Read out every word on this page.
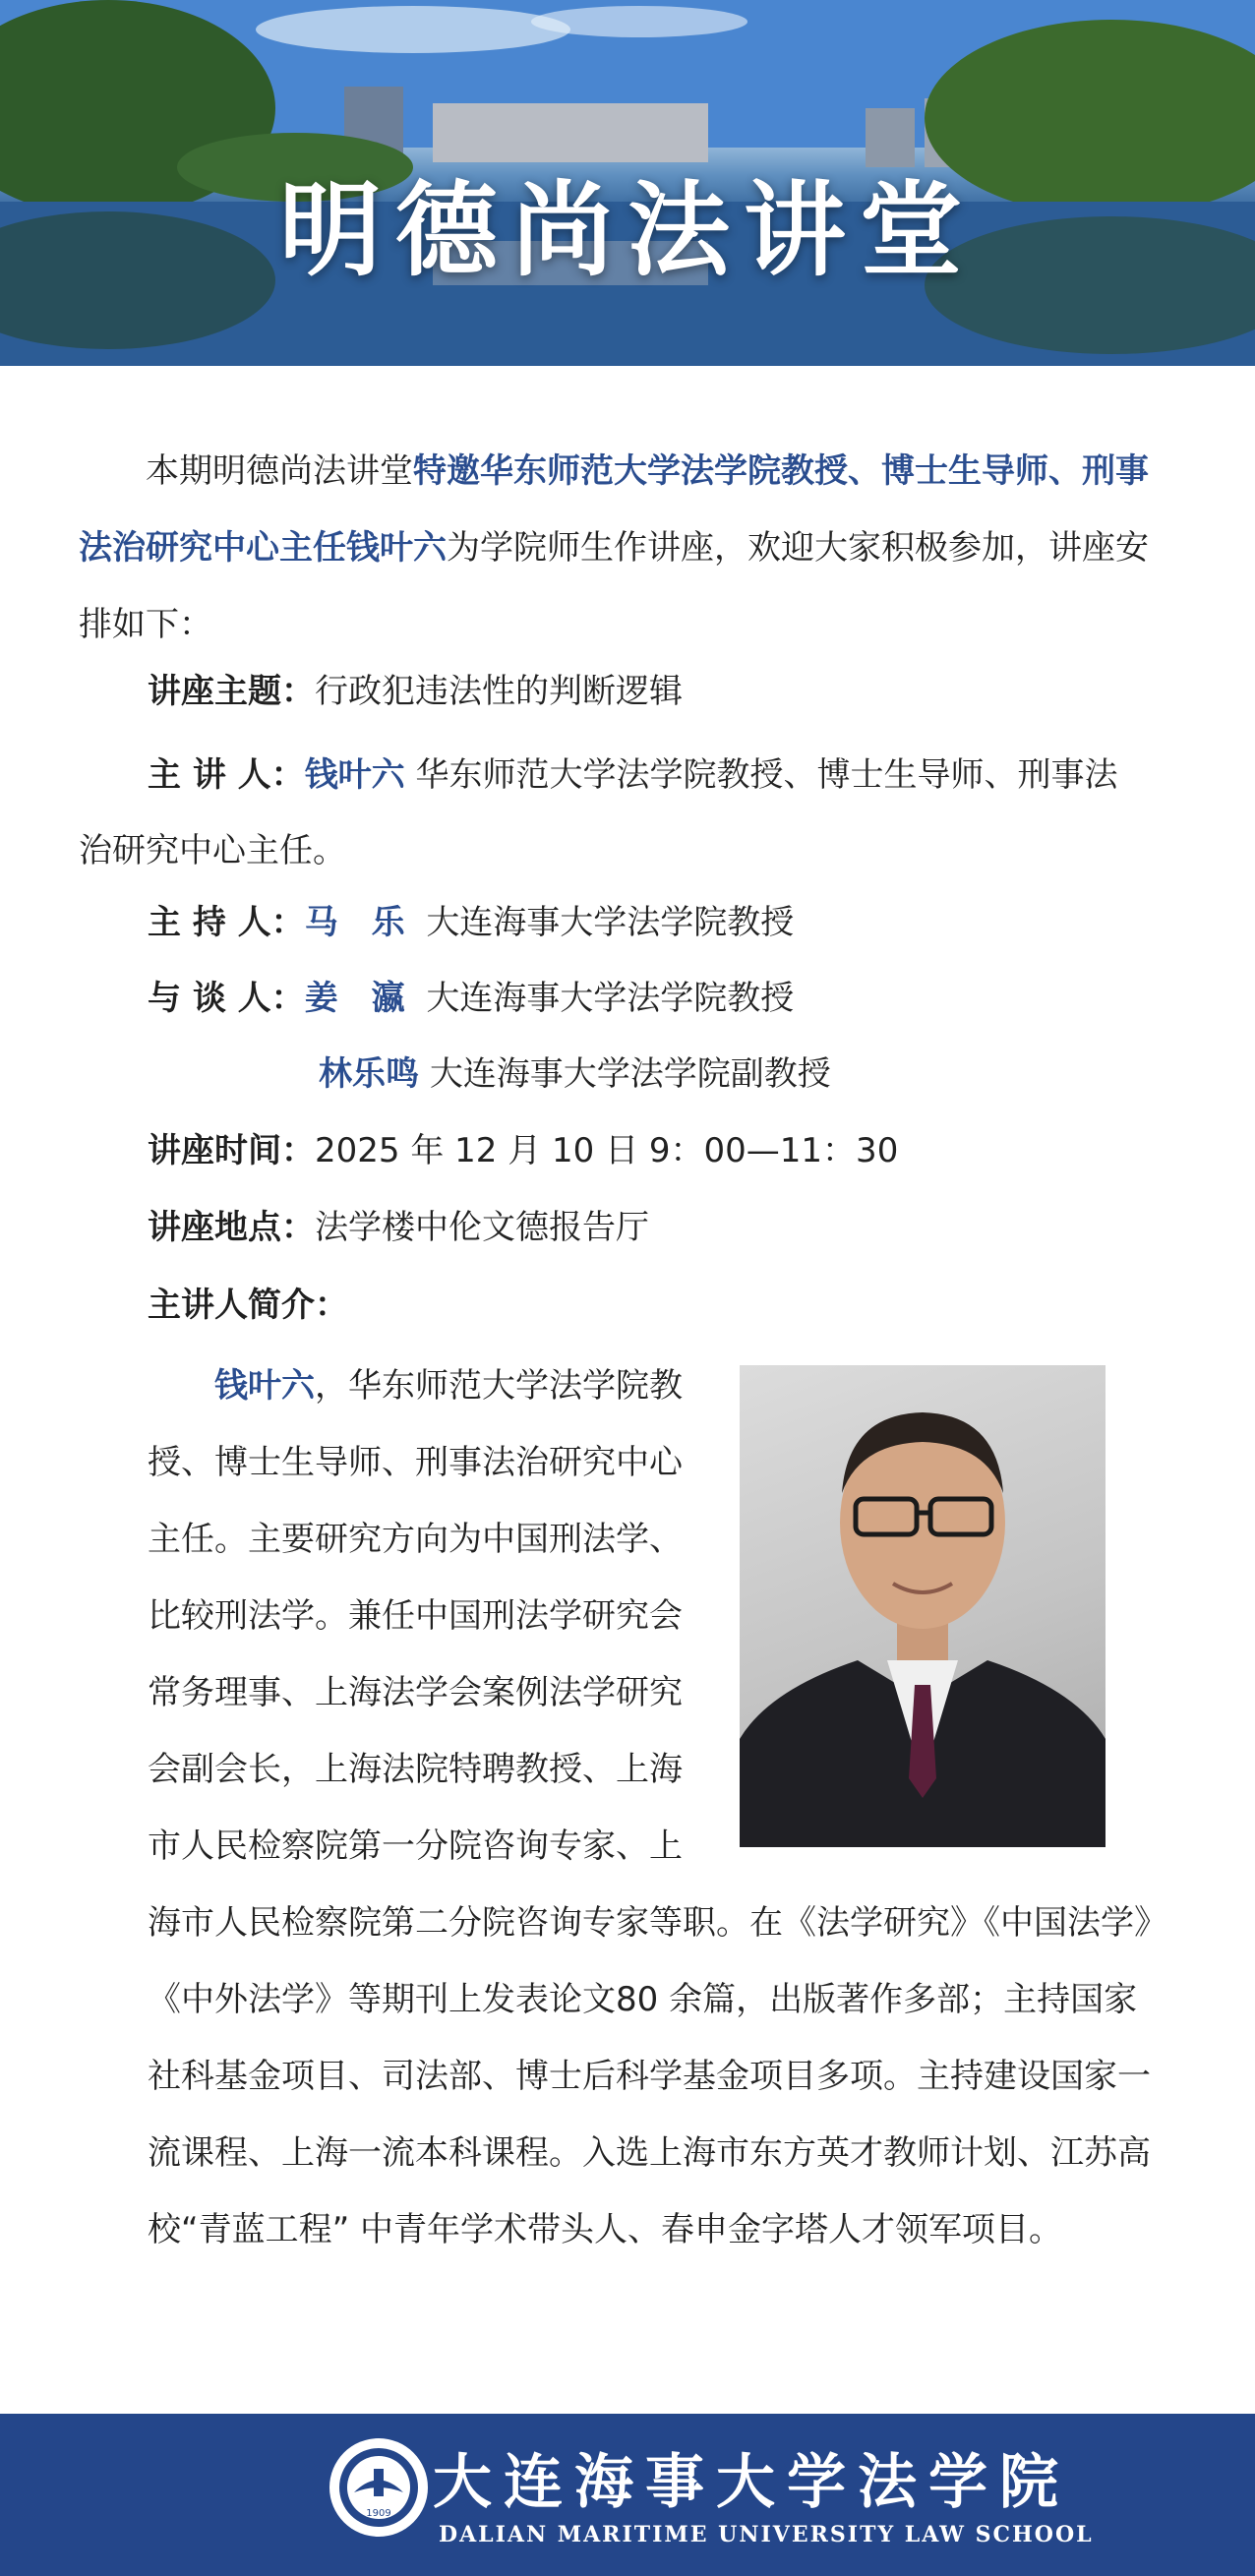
明德尚法讲堂
本期明德尚法讲堂特邀华东师范大学法学院教授、博士生导师、刑事法治研究中心主任钱叶六为学院师生作讲座，欢迎大家积极参加，讲座安排如下：
讲座主题：行政犯违法性的判断逻辑
主 讲 人：钱叶六 华东师范大学法学院教授、博士生导师、刑事法
治研究中心主任。
主 持 人：马　乐 大连海事大学法学院教授
与 谈 人：姜　瀛 大连海事大学法学院教授
林乐鸣 大连海事大学法学院副教授
讲座时间：2025 年 12 月 10 日 9：00—11：30
讲座地点：法学楼中伦文德报告厅
主讲人简介：
钱叶六，华东师范大学法学院教授、博士生导师、刑事法治研究中心主任。主要研究方向为中国刑法学、比较刑法学。兼任中国刑法学研究会常务理事、上海法学会案例法学研究会副会长，上海法院特聘教授、上海市人民检察院第一分院咨询专家、上
海市人民检察院第二分院咨询专家等职。在《法学研究》《中国法学》《中外法学》等期刊上发表论文80 余篇，出版著作多部；主持国家社科基金项目、司法部、博士后科学基金项目多项。主持建设国家一流课程、上海一流本科课程。入选上海市东方英才教师计划、江苏高校“青蓝工程” 中青年学术带头人、春申金字塔人才领军项目。
1909 大连海事大学法学院
DALIAN MARITIME UNIVERSITY LAW SCHOOL
